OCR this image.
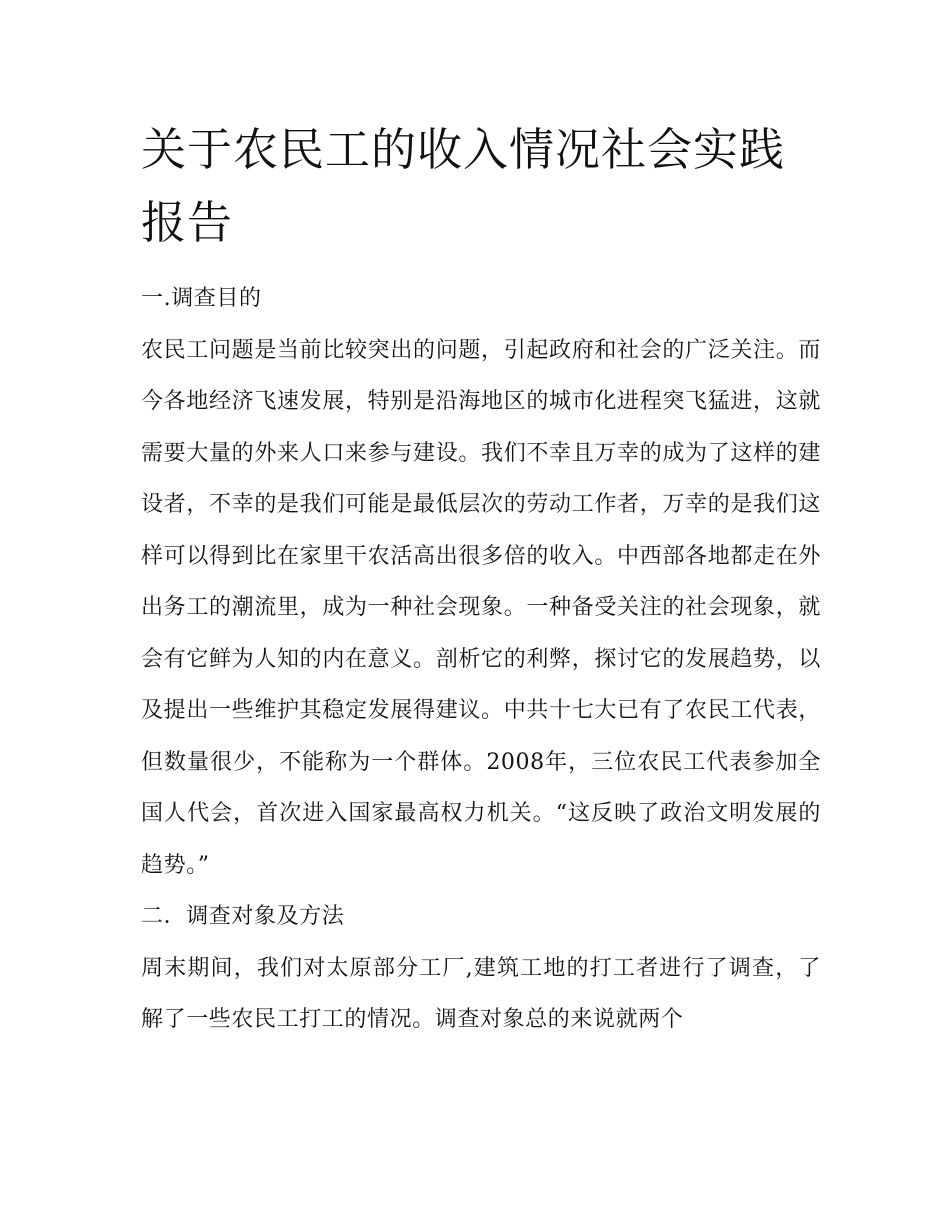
关于农民工的收入情况社会实践报告

一.调查目的

农民工问题是当前比较突出的问题，引起政府和社会的广泛关注。而今各地经济飞速发展，特别是沿海地区的城市化进程突飞猛进，这就需要大量的外来人口来参与建设。我们不幸且万幸的成为了这样的建设者，不幸的是我们可能是最低层次的劳动工作者，万幸的是我们这样可以得到比在家里干农活高出很多倍的收入。中西部各地都走在外出务工的潮流里，成为一种社会现象。一种备受关注的社会现象，就会有它鲜为人知的内在意义。剖析它的利弊，探讨它的发展趋势，以及提出一些维护其稳定发展得建议。中共十七大已有了农民工代表，但数量很少，不能称为一个群体。2008年，三位农民工代表参加全国人代会，首次进入国家最高权力机关。“这反映了政治文明发展的趋势。”

二．调查对象及方法

周末期间，我们对太原部分工厂,建筑工地的打工者进行了调查，了解了一些农民工打工的情况。调查对象总的来说就两个
